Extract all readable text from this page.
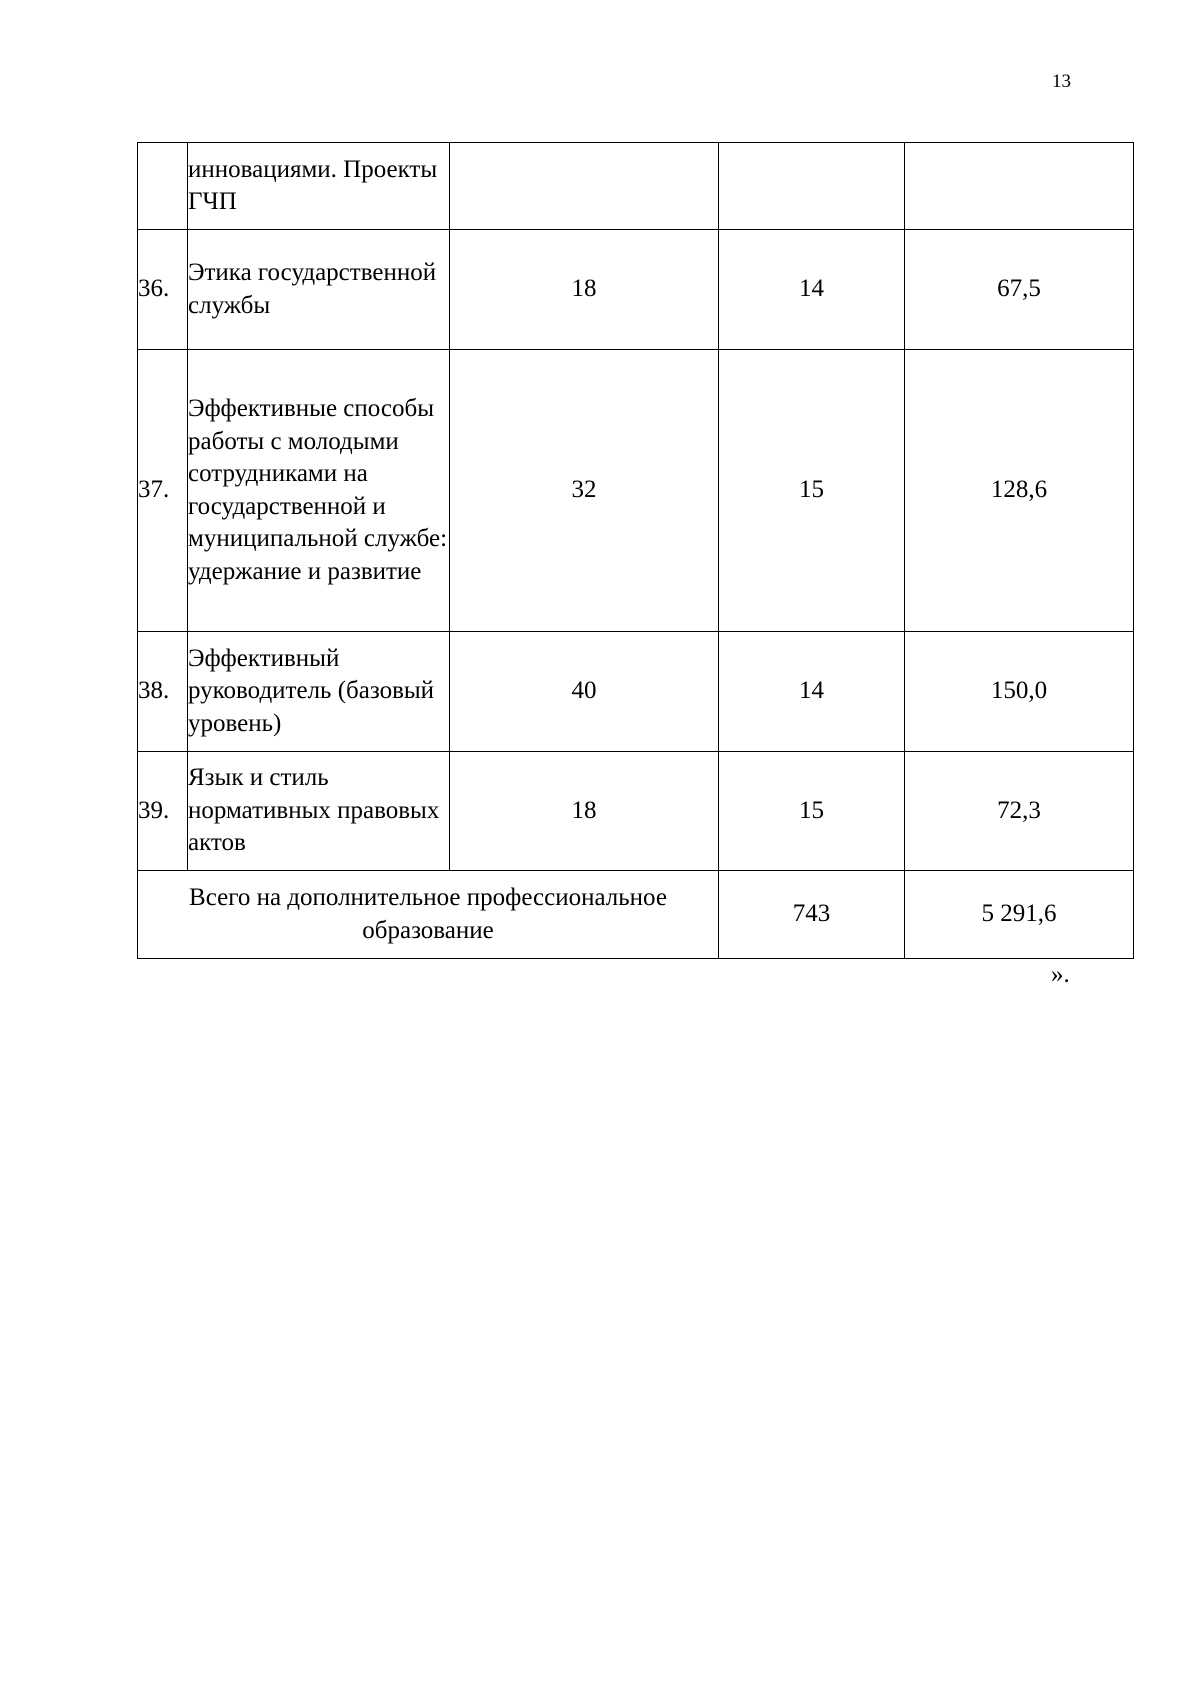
13
	инновациями. Проекты ГЧП			
36.	Этика государственной службы	18	14	67,5
37.	Эффективные способы работы с молодыми сотрудниками на государственной и муниципальной службе: удержание и развитие	32	15	128,6
38.	Эффективный руководитель (базовый уровень)	40	14	150,0
39.	Язык и стиль нормативных правовых актов	18	15	72,3
Всего на дополнительное профессиональное образование			743	5 291,6
».
